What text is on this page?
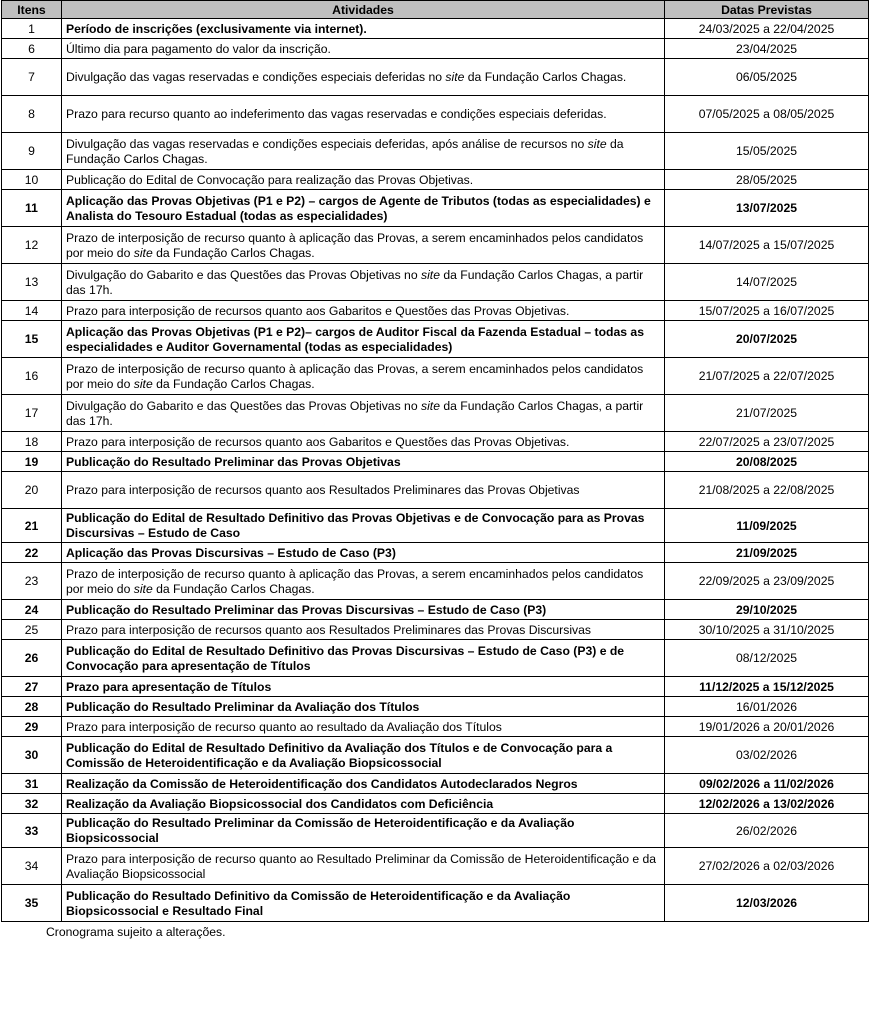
Itens	Atividades	Datas Previstas
1	Período de inscrições (exclusivamente via internet).	24/03/2025 a 22/04/2025
6	Último dia para pagamento do valor da inscrição.	23/04/2025
7	Divulgação das vagas reservadas e condições especiais deferidas no site da Fundação Carlos Chagas.	06/05/2025
8	Prazo para recurso quanto ao indeferimento das vagas reservadas e condições especiais deferidas.	07/05/2025 a 08/05/2025
9	Divulgação das vagas reservadas e condições especiais deferidas, após análise de recursos no site da Fundação Carlos Chagas.	15/05/2025
10	Publicação do Edital de Convocação para realização das Provas Objetivas.	28/05/2025
11	Aplicação das Provas Objetivas (P1 e P2) – cargos de Agente de Tributos (todas as especialidades) e Analista do Tesouro Estadual (todas as especialidades)	13/07/2025
12	Prazo de interposição de recurso quanto à aplicação das Provas, a serem encaminhados pelos candidatos por meio do site da Fundação Carlos Chagas.	14/07/2025 a 15/07/2025
13	Divulgação do Gabarito e das Questões das Provas Objetivas no site da Fundação Carlos Chagas, a partir das 17h.	14/07/2025
14	Prazo para interposição de recursos quanto aos Gabaritos e Questões das Provas Objetivas.	15/07/2025 a 16/07/2025
15	Aplicação das Provas Objetivas (P1 e P2)– cargos de Auditor Fiscal da Fazenda Estadual – todas as especialidades e Auditor Governamental (todas as especialidades)	20/07/2025
16	Prazo de interposição de recurso quanto à aplicação das Provas, a serem encaminhados pelos candidatos por meio do site da Fundação Carlos Chagas.	21/07/2025 a 22/07/2025
17	Divulgação do Gabarito e das Questões das Provas Objetivas no site da Fundação Carlos Chagas, a partir das 17h.	21/07/2025
18	Prazo para interposição de recursos quanto aos Gabaritos e Questões das Provas Objetivas.	22/07/2025 a 23/07/2025
19	Publicação do Resultado Preliminar das Provas Objetivas	20/08/2025
20	Prazo para interposição de recursos quanto aos Resultados Preliminares das Provas Objetivas	21/08/2025 a 22/08/2025
21	Publicação do Edital de Resultado Definitivo das Provas Objetivas e de Convocação para as Provas Discursivas – Estudo de Caso	11/09/2025
22	Aplicação das Provas Discursivas – Estudo de Caso (P3)	21/09/2025
23	Prazo de interposição de recurso quanto à aplicação das Provas, a serem encaminhados pelos candidatos por meio do site da Fundação Carlos Chagas.	22/09/2025 a 23/09/2025
24	Publicação do Resultado Preliminar das Provas Discursivas – Estudo de Caso (P3)	29/10/2025
25	Prazo para interposição de recursos quanto aos Resultados Preliminares das Provas Discursivas	30/10/2025 a 31/10/2025
26	Publicação do Edital de Resultado Definitivo das Provas Discursivas – Estudo de Caso (P3) e de Convocação para apresentação de Títulos	08/12/2025
27	Prazo para apresentação de Títulos	11/12/2025 a 15/12/2025
28	Publicação do Resultado Preliminar da Avaliação dos Títulos	16/01/2026
29	Prazo para interposição de recurso quanto ao resultado da Avaliação dos Títulos	19/01/2026 a 20/01/2026
30	Publicação do Edital de Resultado Definitivo da Avaliação dos Títulos e de Convocação para a Comissão de Heteroidentificação e da Avaliação Biopsicossocial	03/02/2026
31	Realização da Comissão de Heteroidentificação dos Candidatos Autodeclarados Negros	09/02/2026 a 11/02/2026
32	Realização da Avaliação Biopsicossocial dos Candidatos com Deficiência	12/02/2026 a 13/02/2026
33	Publicação do Resultado Preliminar da Comissão de Heteroidentificação e da Avaliação Biopsicossocial	26/02/2026
34	Prazo para interposição de recurso quanto ao Resultado Preliminar da Comissão de Heteroidentificação e da Avaliação Biopsicossocial	27/02/2026 a 02/03/2026
35	Publicação do Resultado Definitivo da Comissão de Heteroidentificação e da Avaliação Biopsicossocial e Resultado Final	12/03/2026
Cronograma sujeito a alterações.
